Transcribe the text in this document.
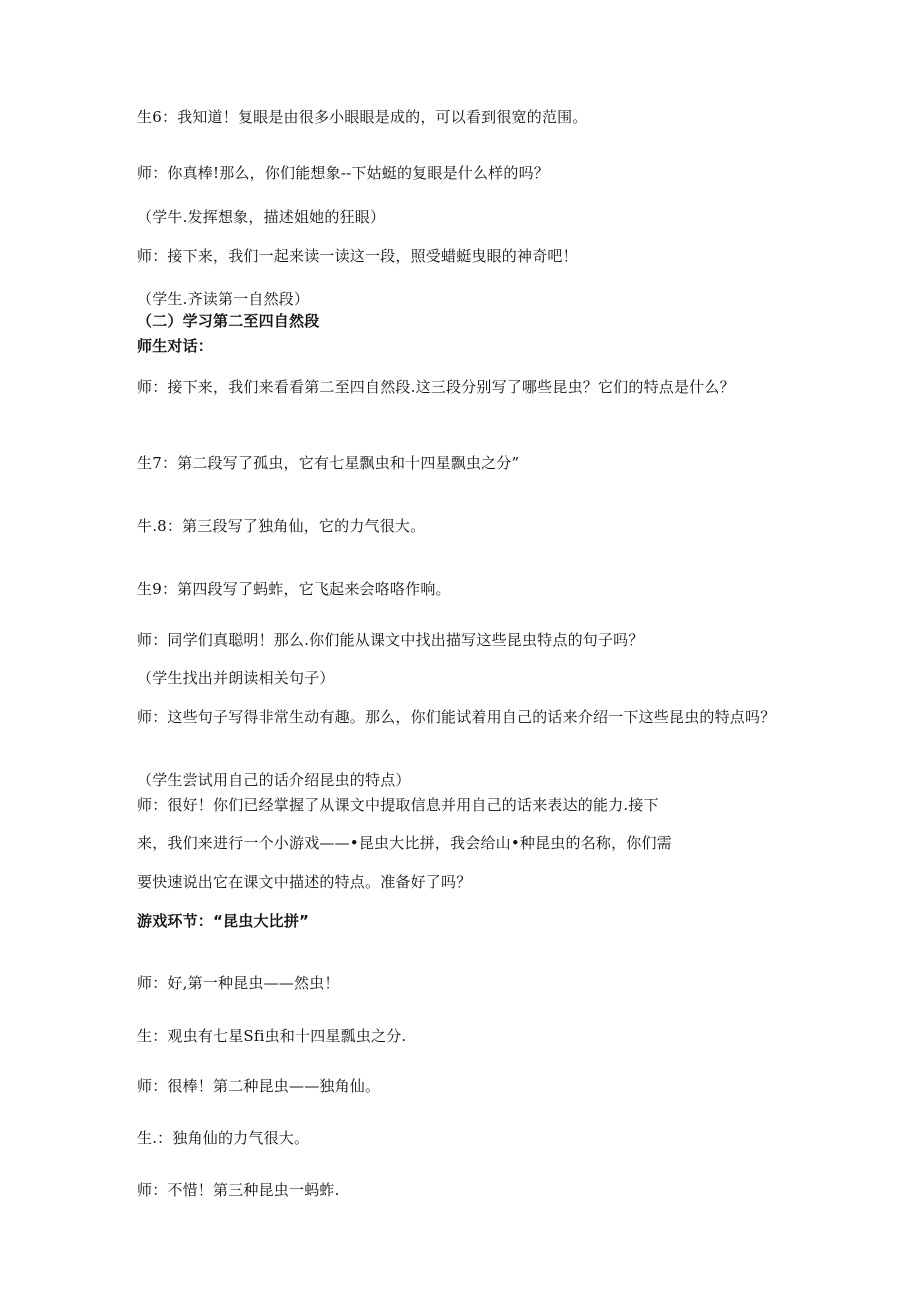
生6：我知道！复眼是由很多小眼眼是成的，可以看到很宽的范围。
师：你真棒!那么，你们能想象--下姑蜓的复眼是什么样的吗？
（学牛.发挥想象，描述姐她的狂眼）
师：接下来，我们一起来读一读这一段，照受蜡蜓曳眼的神奇吧！
（学生.齐读第一自然段）
（二）学习第二至四自然段
师生对话：
师：接下来，我们来看看第二至四自然段.这三段分别写了哪些昆虫？它们的特点是什么？
生7：第二段写了孤虫，它有七星飘虫和十四星飘虫之分”
牛.8：第三段写了独角仙，它的力气很大。
生9：第四段写了蚂蚱，它飞起来会咯咯作响。
师：同学们真聪明！那么.你们能从课文中找出描写这些昆虫特点的句子吗？
（学生找出并朗读相关句子）
师：这些句子写得非常生动有趣。那么，你们能试着用自己的话来介绍一下这些昆虫的特点吗？
（学生尝试用自己的话介绍昆虫的特点）
师：很好！你们已经掌握了从课文中提取信息并用自己的话来表达的能力.接下
来，我们来进行一个小游戏——•昆虫大比拼，我会给山•种昆虫的名称，你们需
要快速说出它在课文中描述的特点。准备好了吗？
游戏环节：“昆虫大比拼”
师：好,第一种昆虫——然虫！
生：观虫有七星Sfi虫和十四星瓢虫之分.
师：很棒！第二种昆虫——独角仙。
生.：独角仙的力气很大。
师：不惜！第三种昆虫一蚂蚱.
